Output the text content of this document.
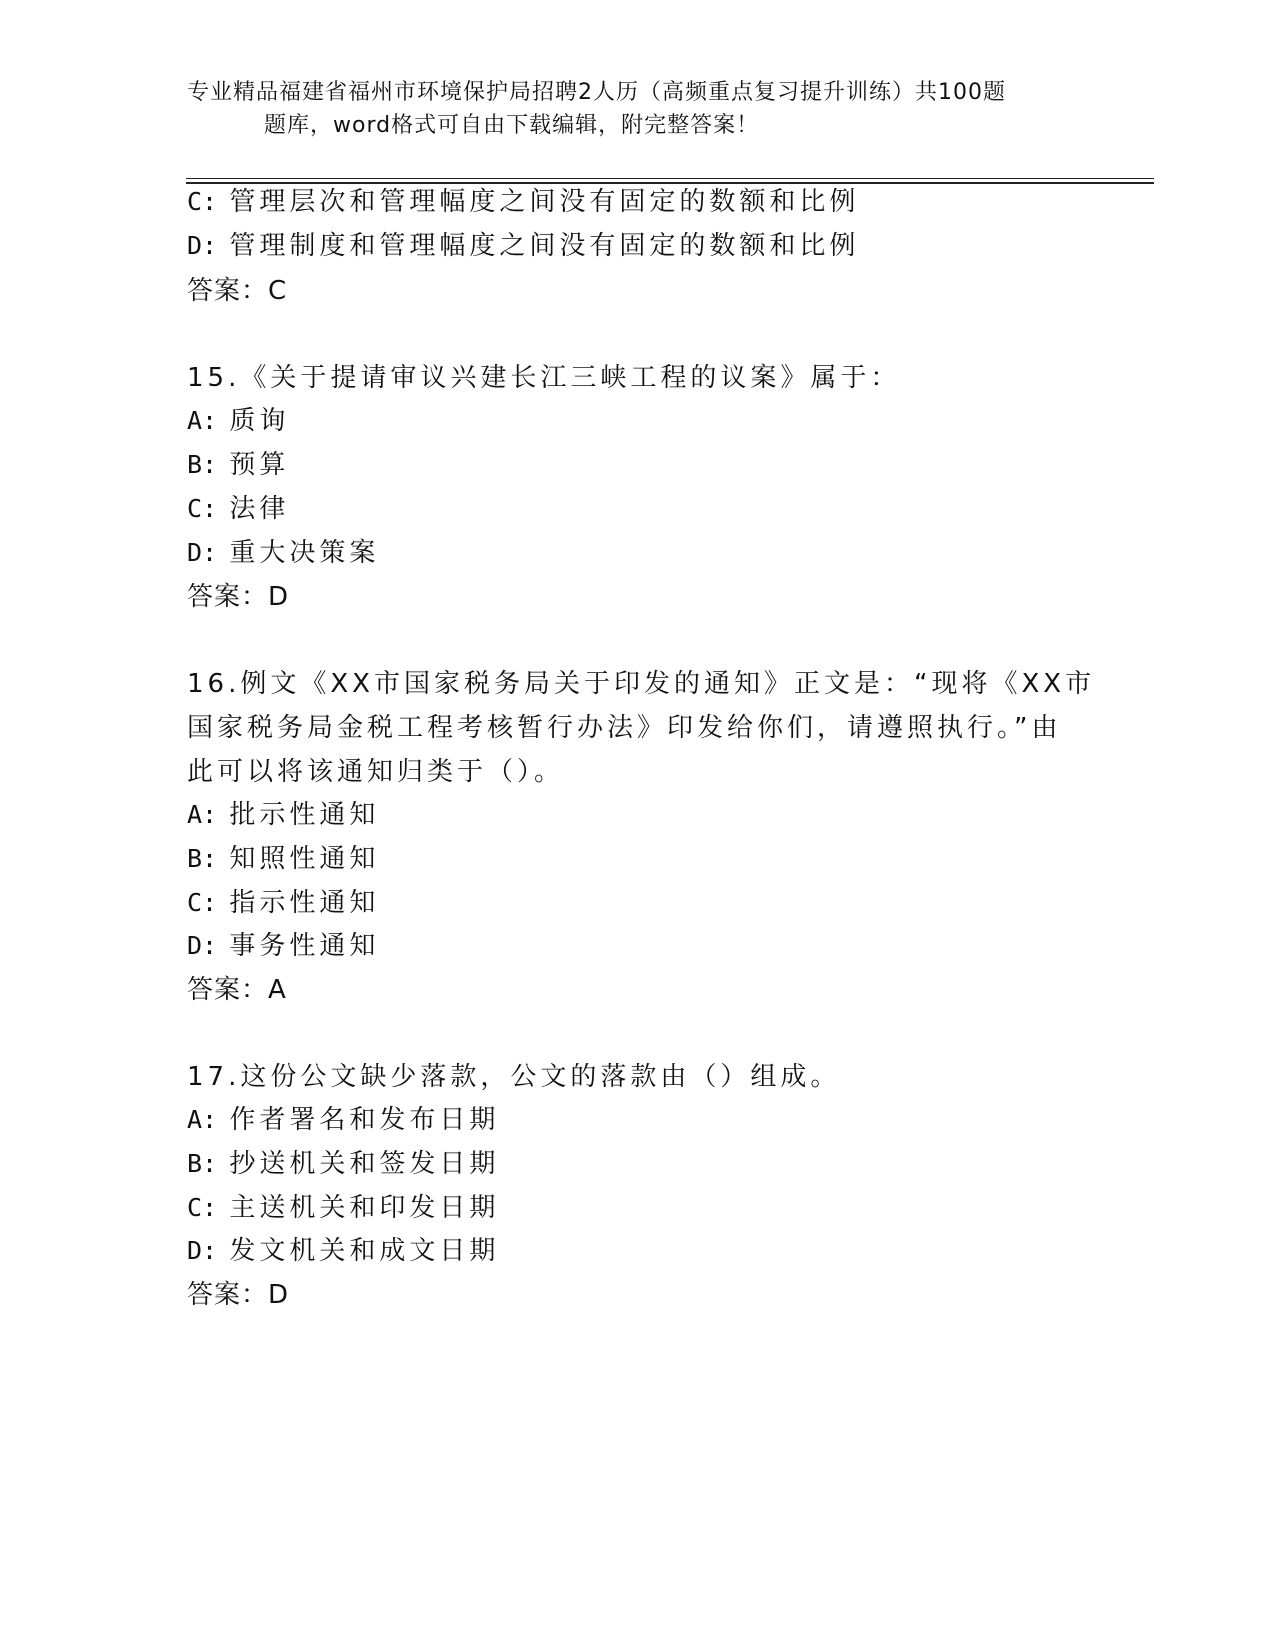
专业精品福建省福州市环境保护局招聘2人历（高频重点复习提升训练）共100题
题库，word格式可自由下载编辑，附完整答案！
C: 管理层次和管理幅度之间没有固定的数额和比例
D: 管理制度和管理幅度之间没有固定的数额和比例
答案：C
15.《关于提请审议兴建长江三峡工程的议案》属于：
A: 质询
B: 预算
C: 法律
D: 重大决策案
答案：D
16.例文《XX市国家税务局关于印发的通知》正文是：“现将《XX市
国家税务局金税工程考核暂行办法》印发给你们，请遵照执行。”由
此可以将该通知归类于（）。
A: 批示性通知
B: 知照性通知
C: 指示性通知
D: 事务性通知
答案：A
17.这份公文缺少落款，公文的落款由（）组成。
A: 作者署名和发布日期
B: 抄送机关和签发日期
C: 主送机关和印发日期
D: 发文机关和成文日期
答案：D
